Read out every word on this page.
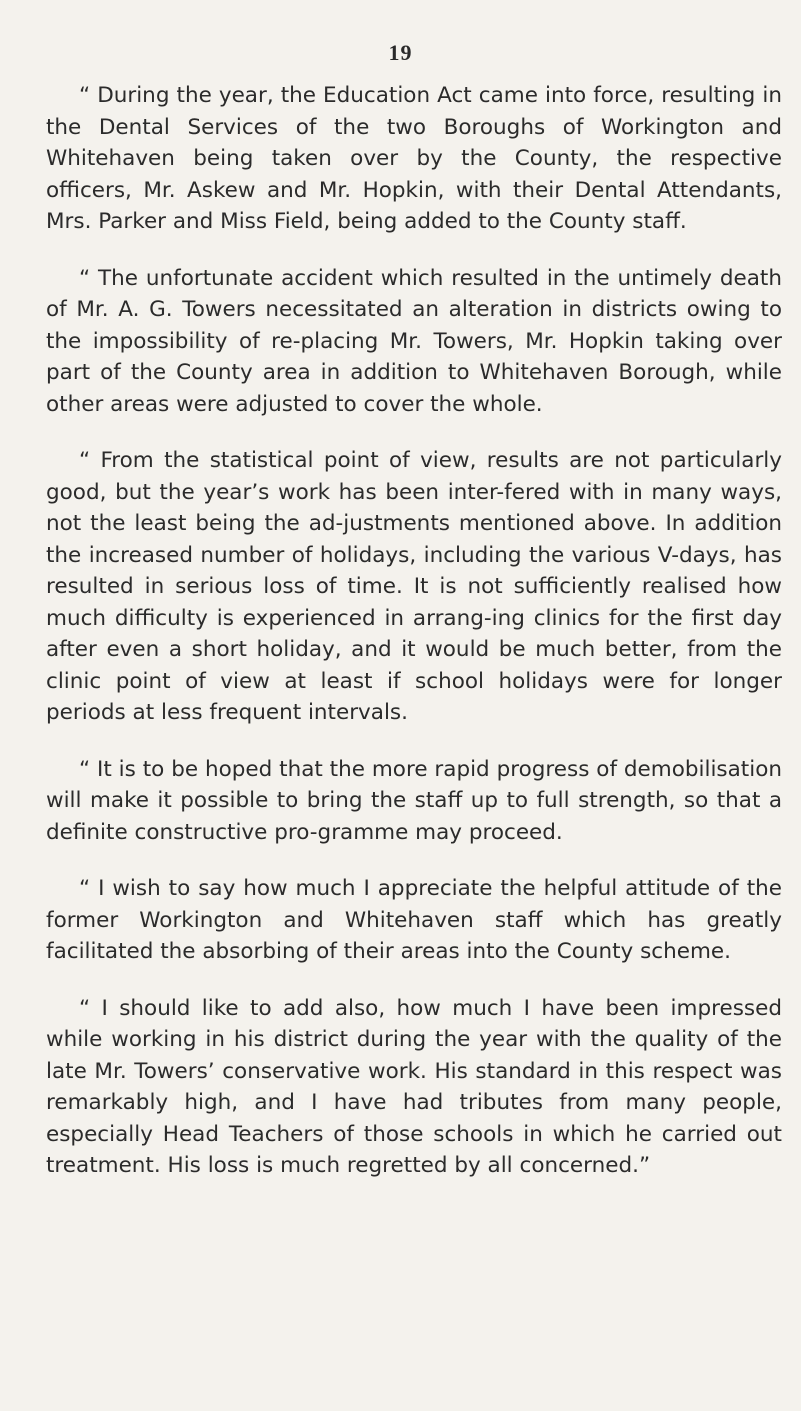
19

“ During the year, the Education Act came into force, resulting in the Dental Services of the two Boroughs of Workington and Whitehaven being taken over by the County, the respective officers, Mr. Askew and Mr. Hopkin, with their Dental Attendants, Mrs. Parker and Miss Field, being added to the County staff.

“ The unfortunate accident which resulted in the untimely death of Mr. A. G. Towers necessitated an alteration in districts owing to the impossibility of re-placing Mr. Towers, Mr. Hopkin taking over part of the County area in addition to Whitehaven Borough, while other areas were adjusted to cover the whole.

“ From the statistical point of view, results are not particularly good, but the year’s work has been inter-fered with in many ways, not the least being the ad-justments mentioned above. In addition the increased number of holidays, including the various V-days, has resulted in serious loss of time. It is not sufficiently realised how much difficulty is experienced in arrang-ing clinics for the first day after even a short holiday, and it would be much better, from the clinic point of view at least if school holidays were for longer periods at less frequent intervals.

“ It is to be hoped that the more rapid progress of demobilisation will make it possible to bring the staff up to full strength, so that a definite constructive pro-gramme may proceed.

“ I wish to say how much I appreciate the helpful attitude of the former Workington and Whitehaven staff which has greatly facilitated the absorbing of their areas into the County scheme.

“ I should like to add also, how much I have been impressed while working in his district during the year with the quality of the late Mr. Towers’ conservative work. His standard in this respect was remarkably high, and I have had tributes from many people, especially Head Teachers of those schools in which he carried out treatment. His loss is much regretted by all concerned.”
